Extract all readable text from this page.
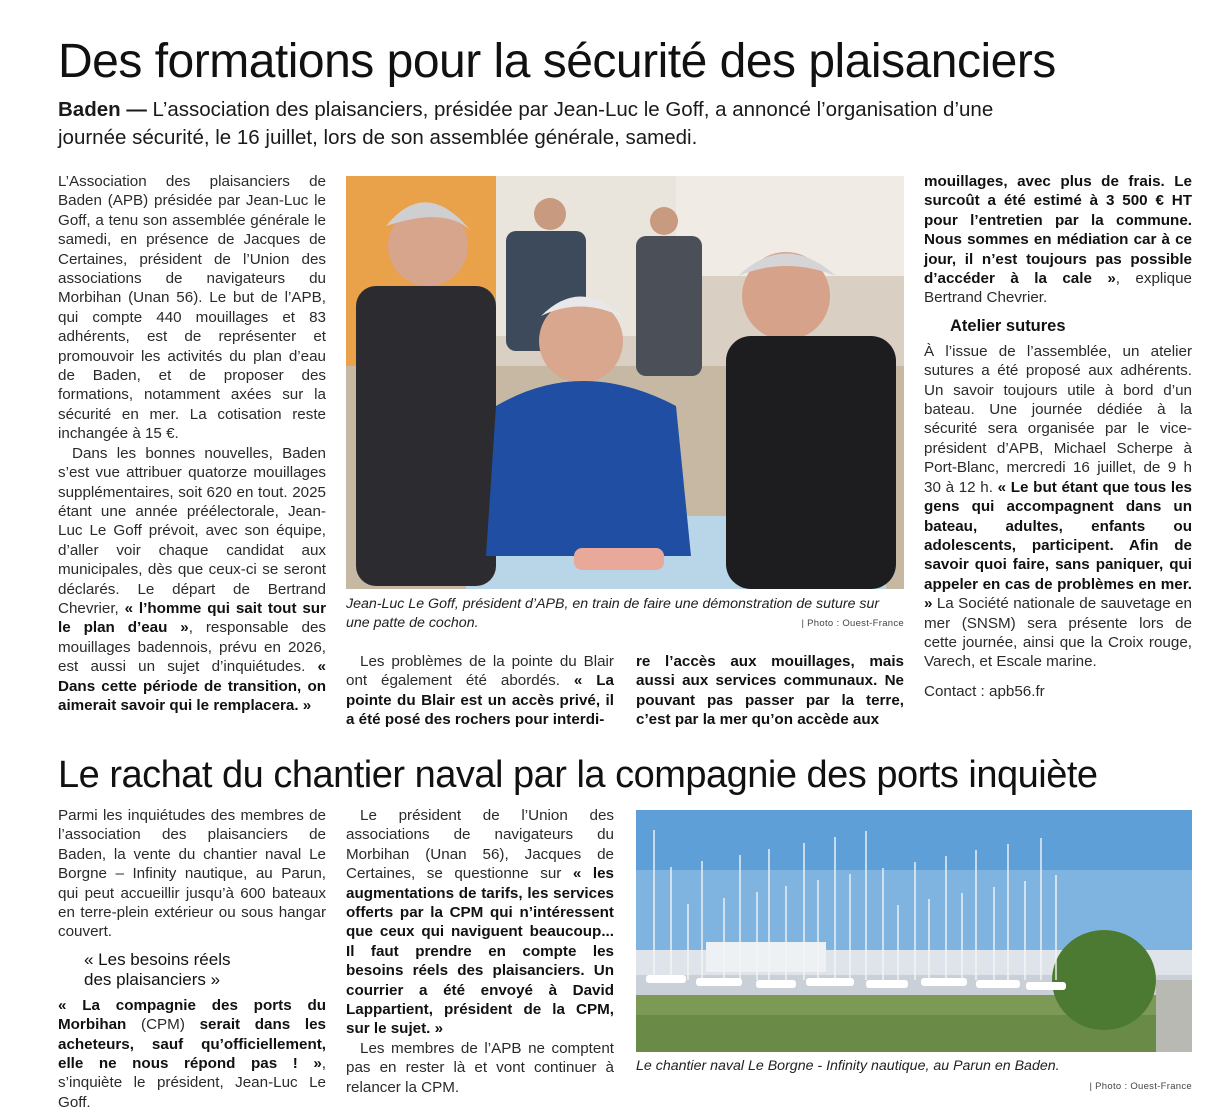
Des formations pour la sécurité des plaisanciers
Baden — L’association des plaisanciers, présidée par Jean-Luc le Goff, a annoncé l’organisation d’une journée sécurité, le 16 juillet, lors de son assemblée générale, samedi.

L’Association des plaisanciers de Baden (APB) présidée par Jean-Luc le Goff, a tenu son assemblée générale le samedi, en présence de Jacques de Certaines, président de l’Union des associations de navigateurs du Morbihan (Unan 56). Le but de l’APB, qui compte 440 mouillages et 83 adhérents, est de représenter et promouvoir les activités du plan d’eau de Baden, et de proposer des formations, notamment axées sur la sécurité en mer. La cotisation reste inchangée à 15 €.

Dans les bonnes nouvelles, Baden s’est vue attribuer quatorze mouillages supplémentaires, soit 620 en tout. 2025 étant une année préélectorale, Jean-Luc Le Goff prévoit, avec son équipe, d’aller voir chaque candidat aux municipales, dès que ceux-ci se seront déclarés. Le départ de Bertrand Chevrier, « l’homme qui sait tout sur le plan d’eau », responsable des mouillages badennois, prévu en 2026, est aussi un sujet d’inquiétudes. « Dans cette période de transition, on aimerait savoir qui le remplacera. »

Jean-Luc Le Goff, président d’APB, en train de faire une démonstration de suture sur une patte de cochon.	| Photo : Ouest-France

Les problèmes de la pointe du Blair ont également été abordés. « La pointe du Blair est un accès privé, il a été posé des rochers pour interdi-

re l’accès aux mouillages, mais aussi aux services communaux. Ne pouvant pas passer par la terre, c’est par la mer qu’on accède aux

mouillages, avec plus de frais. Le surcoût a été estimé à 3 500 € HT pour l’entretien par la commune. Nous sommes en médiation car à ce jour, il n’est toujours pas possible d’accéder à la cale », explique Bertrand Chevrier.

Atelier sutures

À l’issue de l’assemblée, un atelier sutures a été proposé aux adhérents. Un savoir toujours utile à bord d’un bateau. Une journée dédiée à la sécurité sera organisée par le vice-président d’APB, Michael Scherpe à Port-Blanc, mercredi 16 juillet, de 9 h 30 à 12 h. « Le but étant que tous les gens qui accompagnent dans un bateau, adultes, enfants ou adolescents, participent. Afin de savoir quoi faire, sans paniquer, qui appeler en cas de problèmes en mer. » La Société nationale de sauvetage en mer (SNSM) sera présente lors de cette journée, ainsi que la Croix rouge, Varech, et Escale marine.

Contact : apb56.fr

Le rachat du chantier naval par la compagnie des ports inquiète

Parmi les inquiétudes des membres de l’association des plaisanciers de Baden, la vente du chantier naval Le Borgne – Infinity nautique, au Parun, qui peut accueillir jusqu’à 600 bateaux en terre-plein extérieur ou sous hangar couvert.

« Les besoins réels
des plaisanciers »

« La compagnie des ports du Morbihan (CPM) serait dans les acheteurs, sauf qu’officiellement, elle ne nous répond pas ! », s’inquiète le président, Jean-Luc Le Goff.

Le président de l’Union des associations de navigateurs du Morbihan (Unan 56), Jacques de Certaines, se questionne sur « les augmentations de tarifs, les services offerts par la CPM qui n’intéressent que ceux qui naviguent beaucoup... Il faut prendre en compte les besoins réels des plaisanciers. Un courrier a été envoyé à David Lappartient, président de la CPM, sur le sujet. »

Les membres de l’APB ne comptent pas en rester là et vont continuer à relancer la CPM.

Le chantier naval Le Borgne - Infinity nautique, au Parun en Baden.
| Photo : Ouest-France
